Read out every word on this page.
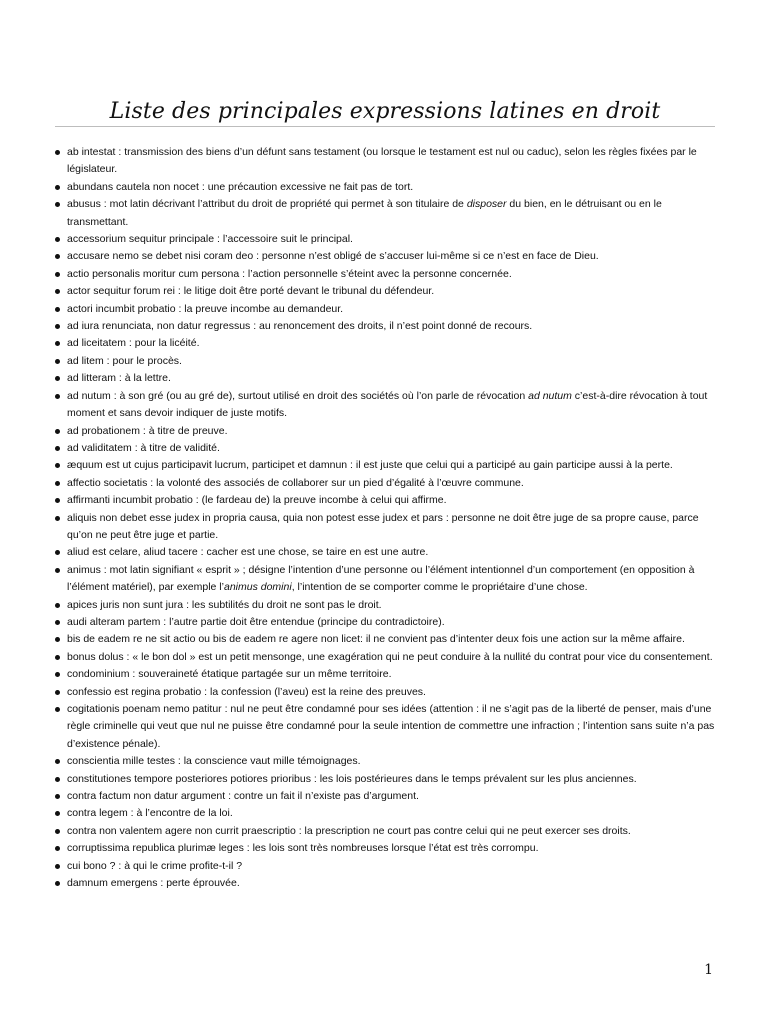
Liste des principales expressions latines en droit
ab intestat : transmission des biens d’un défunt sans testament (ou lorsque le testament est nul ou caduc), selon les règles fixées par le législateur.
abundans cautela non nocet : une précaution excessive ne fait pas de tort.
abusus : mot latin décrivant l’attribut du droit de propriété qui permet à son titulaire de disposer du bien, en le détruisant ou en le transmettant.
accessorium sequitur principale : l’accessoire suit le principal.
accusare nemo se debet nisi coram deo : personne n’est obligé de s’accuser lui-même si ce n’est en face de Dieu.
actio personalis moritur cum persona : l’action personnelle s’éteint avec la personne concernée.
actor sequitur forum rei : le litige doit être porté devant le tribunal du défendeur.
actori incumbit probatio : la preuve incombe au demandeur.
ad iura renunciata, non datur regressus : au renoncement des droits, il n’est point donné de recours.
ad liceitatem : pour la licéité.
ad litem : pour le procès.
ad litteram : à la lettre.
ad nutum : à son gré (ou au gré de), surtout utilisé en droit des sociétés où l’on parle de révocation ad nutum c’est-à-dire révocation à tout moment et sans devoir indiquer de juste motifs.
ad probationem : à titre de preuve.
ad validitatem : à titre de validité.
æquum est ut cujus participavit lucrum, participet et damnun : il est juste que celui qui a participé au gain participe aussi à la perte.
affectio societatis : la volonté des associés de collaborer sur un pied d’égalité à l’œuvre commune.
affirmanti incumbit probatio : (le fardeau de) la preuve incombe à celui qui affirme.
aliquis non debet esse judex in propria causa, quia non potest esse judex et pars : personne ne doit être juge de sa propre cause, parce qu’on ne peut être juge et partie.
aliud est celare, aliud tacere : cacher est une chose, se taire en est une autre.
animus : mot latin signifiant « esprit » ; désigne l’intention d’une personne ou l’élément intentionnel d’un comportement (en opposition à l’élément matériel), par exemple l’animus domini, l’intention de se comporter comme le propriétaire d’une chose.
apices juris non sunt jura : les subtilités du droit ne sont pas le droit.
audi alteram partem : l’autre partie doit être entendue (principe du contradictoire).
bis de eadem re ne sit actio ou bis de eadem re agere non licet: il ne convient pas d’intenter deux fois une action sur la même affaire.
bonus dolus : « le bon dol » est un petit mensonge, une exagération qui ne peut conduire à la nullité du contrat pour vice du consentement.
condominium : souveraineté étatique partagée sur un même territoire.
confessio est regina probatio : la confession (l’aveu) est la reine des preuves.
cogitationis poenam nemo patitur : nul ne peut être condamné pour ses idées (attention : il ne s’agit pas de la liberté de penser, mais d’une règle criminelle qui veut que nul ne puisse être condamné pour la seule intention de commettre une infraction ; l’intention sans suite n’a pas d’existence pénale).
conscientia mille testes : la conscience vaut mille témoignages.
constitutiones tempore posteriores potiores prioribus : les lois postérieures dans le temps prévalent sur les plus anciennes.
contra factum non datur argument : contre un fait il n’existe pas d’argument.
contra legem : à l’encontre de la loi.
contra non valentem agere non currit praescriptio : la prescription ne court pas contre celui qui ne peut exercer ses droits.
corruptissima republica plurimæ leges : les lois sont très nombreuses lorsque l’état est très corrompu.
cui bono ? : à qui le crime profite-t-il ?
damnum emergens : perte éprouvée.
1
